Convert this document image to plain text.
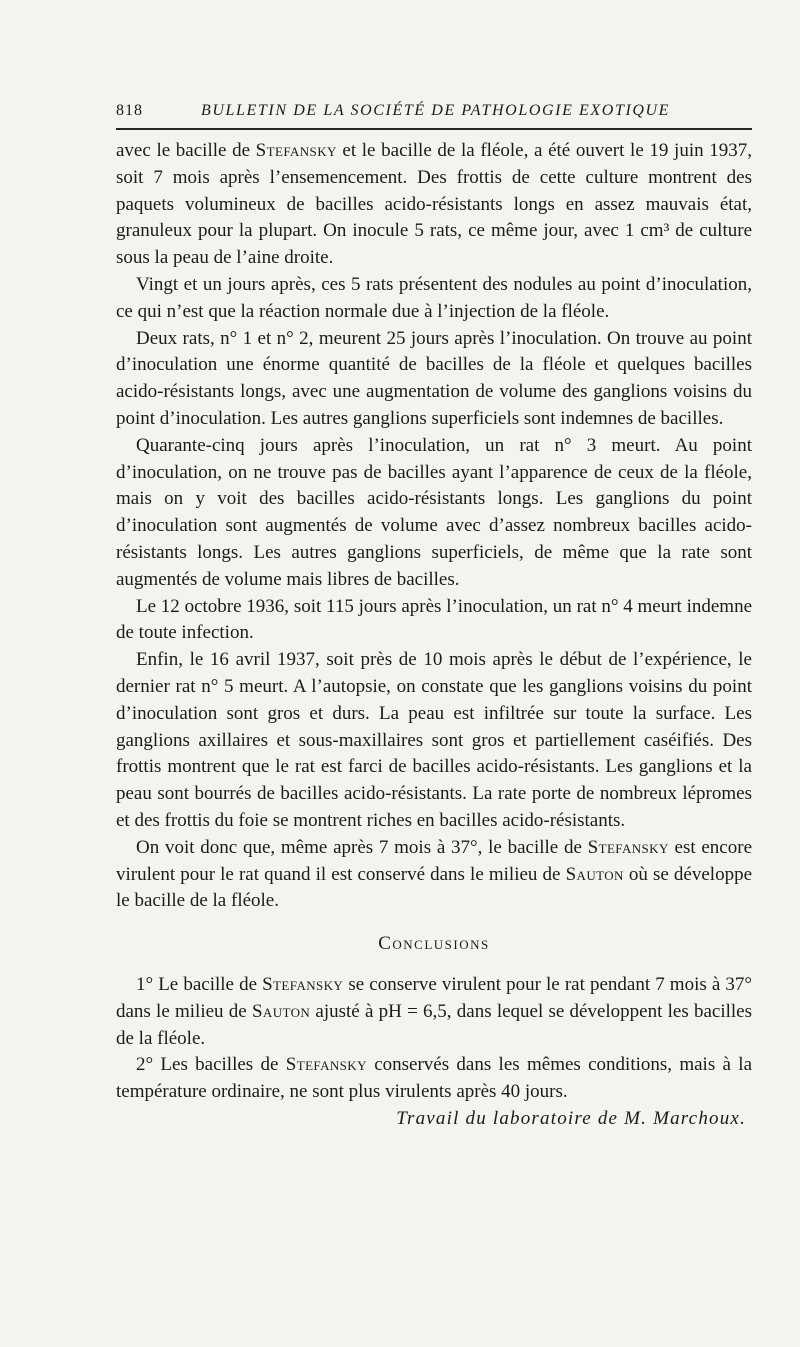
818	BULLETIN DE LA SOCIÉTÉ DE PATHOLOGIE EXOTIQUE

avec le bacille de Stefansky et le bacille de la fléole, a été ouvert le 19 juin 1937, soit 7 mois après l’ensemencement. Des frottis de cette culture montrent des paquets volumineux de bacilles acido-résistants longs en assez mauvais état, granuleux pour la plupart. On inocule 5 rats, ce même jour, avec 1 cm³ de culture sous la peau de l’aine droite.

Vingt et un jours après, ces 5 rats présentent des nodules au point d’inoculation, ce qui n’est que la réaction normale due à l’injection de la fléole.

Deux rats, n° 1 et n° 2, meurent 25 jours après l’inoculation. On trouve au point d’inoculation une énorme quantité de bacilles de la fléole et quelques bacilles acido-résistants longs, avec une augmentation de volume des ganglions voisins du point d’inoculation. Les autres ganglions superficiels sont indemnes de bacilles.

Quarante-cinq jours après l’inoculation, un rat n° 3 meurt. Au point d’inoculation, on ne trouve pas de bacilles ayant l’apparence de ceux de la fléole, mais on y voit des bacilles acido-résistants longs. Les ganglions du point d’inoculation sont augmentés de volume avec d’assez nombreux bacilles acido-résistants longs. Les autres ganglions superficiels, de même que la rate sont augmentés de volume mais libres de bacilles.

Le 12 octobre 1936, soit 115 jours après l’inoculation, un rat n° 4 meurt indemne de toute infection.

Enfin, le 16 avril 1937, soit près de 10 mois après le début de l’expérience, le dernier rat n° 5 meurt. A l’autopsie, on constate que les ganglions voisins du point d’inoculation sont gros et durs. La peau est infiltrée sur toute la surface. Les ganglions axillaires et sous-maxillaires sont gros et partiellement caséifiés. Des frottis montrent que le rat est farci de bacilles acido-résistants. Les ganglions et la peau sont bourrés de bacilles acido-résistants. La rate porte de nombreux lépromes et des frottis du foie se montrent riches en bacilles acido-résistants.

On voit donc que, même après 7 mois à 37°, le bacille de Stefansky est encore virulent pour le rat quand il est conservé dans le milieu de Sauton où se développe le bacille de la fléole.

Conclusions

1° Le bacille de Stefansky se conserve virulent pour le rat pendant 7 mois à 37° dans le milieu de Sauton ajusté à pH = 6,5, dans lequel se développent les bacilles de la fléole.

2° Les bacilles de Stefansky conservés dans les mêmes conditions, mais à la température ordinaire, ne sont plus virulents après 40 jours.

Travail du laboratoire de M. Marchoux.
